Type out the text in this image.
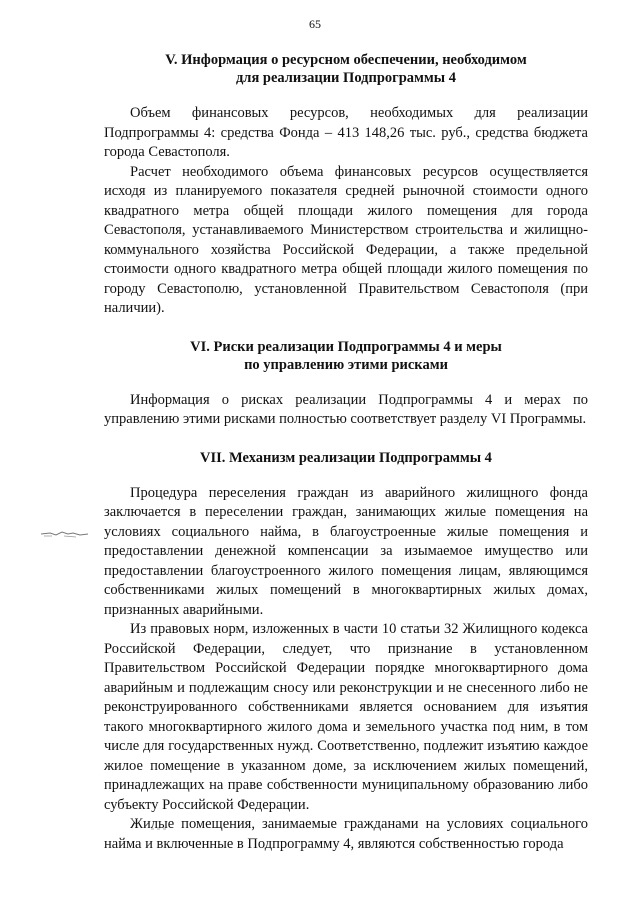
65
V. Информация о ресурсном обеспечении, необходимом
для реализации Подпрограммы 4

Объем финансовых ресурсов, необходимых для реализации Подпрограммы 4: средства Фонда – 413 148,26 тыс. руб., средства бюджета города Севастополя.

Расчет необходимого объема финансовых ресурсов осуществляется исходя из планируемого показателя средней рыночной стоимости одного квадратного метра общей площади жилого помещения для города Севастополя, устанавливаемого Министерством строительства и жилищно-коммунального хозяйства Российской Федерации, а также предельной стоимости одного квадратного метра общей площади жилого помещения по городу Севастополю, установленной Правительством Севастополя (при наличии).

VI. Риски реализации Подпрограммы 4 и меры
по управлению этими рисками

Информация о рисках реализации Подпрограммы 4 и мерах по управлению этими рисками полностью соответствует разделу VI Программы.

VII. Механизм реализации Подпрограммы 4

Процедура переселения граждан из аварийного жилищного фонда заключается в переселении граждан, занимающих жилые помещения на условиях социального найма, в благоустроенные жилые помещения и предоставлении денежной компенсации за изымаемое имущество или предоставлении благоустроенного жилого помещения лицам, являющимся собственниками жилых помещений в многоквартирных жилых домах, признанных аварийными.

Из правовых норм, изложенных в части 10 статьи 32 Жилищного кодекса Российской Федерации, следует, что признание в установленном Правительством Российской Федерации порядке многоквартирного дома аварийным и подлежащим сносу или реконструкции и не снесенного либо не реконструированного собственниками является основанием для изъятия такого многоквартирного жилого дома и земельного участка под ним, в том числе для государственных нужд. Соответственно, подлежит изъятию каждое жилое помещение в указанном доме, за исключением жилых помещений, принадлежащих на праве собственности муниципальному образованию либо субъекту Российской Федерации.

Жилые помещения, занимаемые гражданами на условиях социального найма и включенные в Подпрограмму 4, являются собственностью города
